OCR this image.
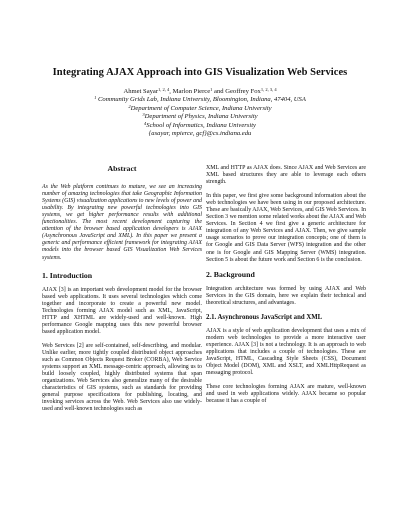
Integrating AJAX Approach into GIS Visualization Web Services
Ahmet Sayar$^{1, 2, 4}$, Marlon Pierce$^1$ and Geoffrey Fox$^{1, 2, 3, 4}$
$^1$ Community Grids Lab, Indiana University, Bloomington, Indiana, 47404, USA
$^2$Department of Computer Science, Indiana University
$^3$Department of Physics, Indiana University
$^4$School of Informatics, Indiana University
{asayar, mpierce, gcf}@cs.indiana.edu
Abstract

As the Web platform continues to mature, we see an increasing number of amazing technologies that take Geographic Information Systems (GIS) visualization applications to new levels of power and usability. By integrating new powerful technologies into GIS systems, we get higher performance results with additional functionalities. The most recent development capturing the attention of the browser based application developers is AJAX (Asynchronous JavaScript and XML). In this paper we present a generic and performance efficient framework for integrating AJAX models into the browser based GIS Visualization Web Services systems.

1. Introduction

AJAX [3] is an important web development model for the browser based web applications. It uses several technologies which come together and incorporate to create a powerful new model. Technologies forming AJAX model such as XML, JavaScript, HTTP and XHTML are widely-used and well-known. High performance Google mapping uses this new powerful browser based application model.

Web Services [2] are self-contained, self-describing, and modular. Unlike earlier, more tightly coupled distributed object approaches such as Common Objects Request Broker (CORBA), Web Service systems support an XML message-centric approach, allowing us to build loosely coupled, highly distributed systems that span organizations. Web Services also generalize many of the desirable characteristics of GIS systems, such as standards for providing general purpose specifications for publishing, locating, and invoking services across the Web. Web Services also use widely-used and well-known technologies such as

XML and HTTP as AJAX does. Since AJAX and Web Services are XML based structures they are able to leverage each others strength.

In this paper, we first give some background information about the web technologies we have been using in our proposed architecture. These are basically AJAX, Web Services, and GIS Web Services. In Section 3 we mention some related works about the AJAX and Web Services. In Section 4 we first give a generic architecture for integration of any Web Services and AJAX. Then, we give sample usage scenarios to prove our integration concepts; one of them is for Google and GIS Data Server (WFS) integration and the other one is for Google and GIS Mapping Server (WMS) integration. Section 5 is about the future work and Section 6 is the conclusion.

2. Background

Integration architecture was formed by using AJAX and Web Services in the GIS domain, here we explain their technical and theoretical structures, and advantages.

2.1. Asynchronous JavaScript and XML

AJAX is a style of web application development that uses a mix of modern web technologies to provide a more interactive user experience. AJAX [3] is not a technology. It is an approach to web applications that includes a couple of technologies. These are JavaScript, HTML, Cascading Style Sheets (CSS), Document Object Model (DOM), XML and XSLT, and XMLHttpRequest as messaging protocol.

These core technologies forming AJAX are mature, well-known and used in web applications widely. AJAX became so popular because it has a couple of
